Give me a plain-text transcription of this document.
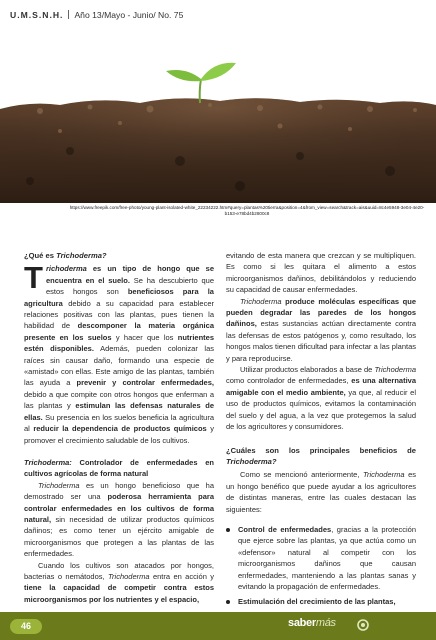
U.M.S.N.H. Año 13/Mayo - Junio/ No. 75
https://www.freepik.com/free-photo/young-plant-isolated-white_22234222.htm#query=plantas%20tierra&position=4&from_view=search&track=ais&uuid=8c4e5948-3e04-4e20-b153-e78bd4b2800c8

¿Qué es Trichoderma?

Trichoderma es un tipo de hongo que se encuentra en el suelo. Se ha descubierto que estos hongos son beneficiosos para la agricultura debido a su capacidad para establecer relaciones positivas con las plantas, pues tienen la habilidad de descomponer la materia orgánica presente en los suelos y hacer que los nutrientes estén disponibles. Además, pueden colonizar las raíces sin causar daño, formando una especie de «amistad» con ellas. Este amigo de las plantas, también las ayuda a prevenir y controlar enfermedades, debido a que compite con otros hongos que enferman a las plantas y estimulan las defensas naturales de ellas. Su presencia en los suelos beneficia la agricultura al reducir la dependencia de productos químicos y promover el crecimiento saludable de los cultivos.

Trichoderma: Controlador de enfermedades en cultivos agrícolas de forma natural

Trichoderma es un hongo beneficioso que ha demostrado ser una poderosa herramienta para controlar enfermedades en los cultivos de forma natural, sin necesidad de utilizar productos químicos dañinos; es como tener un ejército amigable de microorganismos que protegen a las plantas de las enfermedades.

Cuando los cultivos son atacados por hongos, bacterias o nemátodos, Trichoderma entra en acción y tiene la capacidad de competir contra estos microorganismos por los nutrientes y el espacio,

evitando de esta manera que crezcan y se multipliquen. Es como si les quitara el alimento a estos microorganismos dañinos, debilitándolos y reduciendo su capacidad de causar enfermedades.

Trichoderma produce moléculas específicas que pueden degradar las paredes de los hongos dañinos, estas sustancias actúan directamente contra las defensas de estos patógenos y, como resultado, los hongos malos tienen dificultad para infectar a las plantas y para reproducirse.

Utilizar productos elaborados a base de Trichoderma como controlador de enfermedades, es una alternativa amigable con el medio ambiente, ya que, al reducir el uso de productos químicos, evitamos la contaminación del suelo y del agua, a la vez que protegemos la salud de los agricultores y consumidores.

¿Cuáles son los principales beneficios de Trichoderma?

Como se mencionó anteriormente, Trichoderma es un hongo benéfico que puede ayudar a los agricultores de distintas maneras, entre las cuales destacan las siguientes:

Control de enfermedades, gracias a la protección que ejerce sobre las plantas, ya que actúa como un «defensor» natural al competir con los microorganismos dañinos que causan enfermedades, manteniendo a las plantas sanas y evitando la propagación de enfermedades.
Estimulación del crecimiento de las plantas,
46	sabermás
